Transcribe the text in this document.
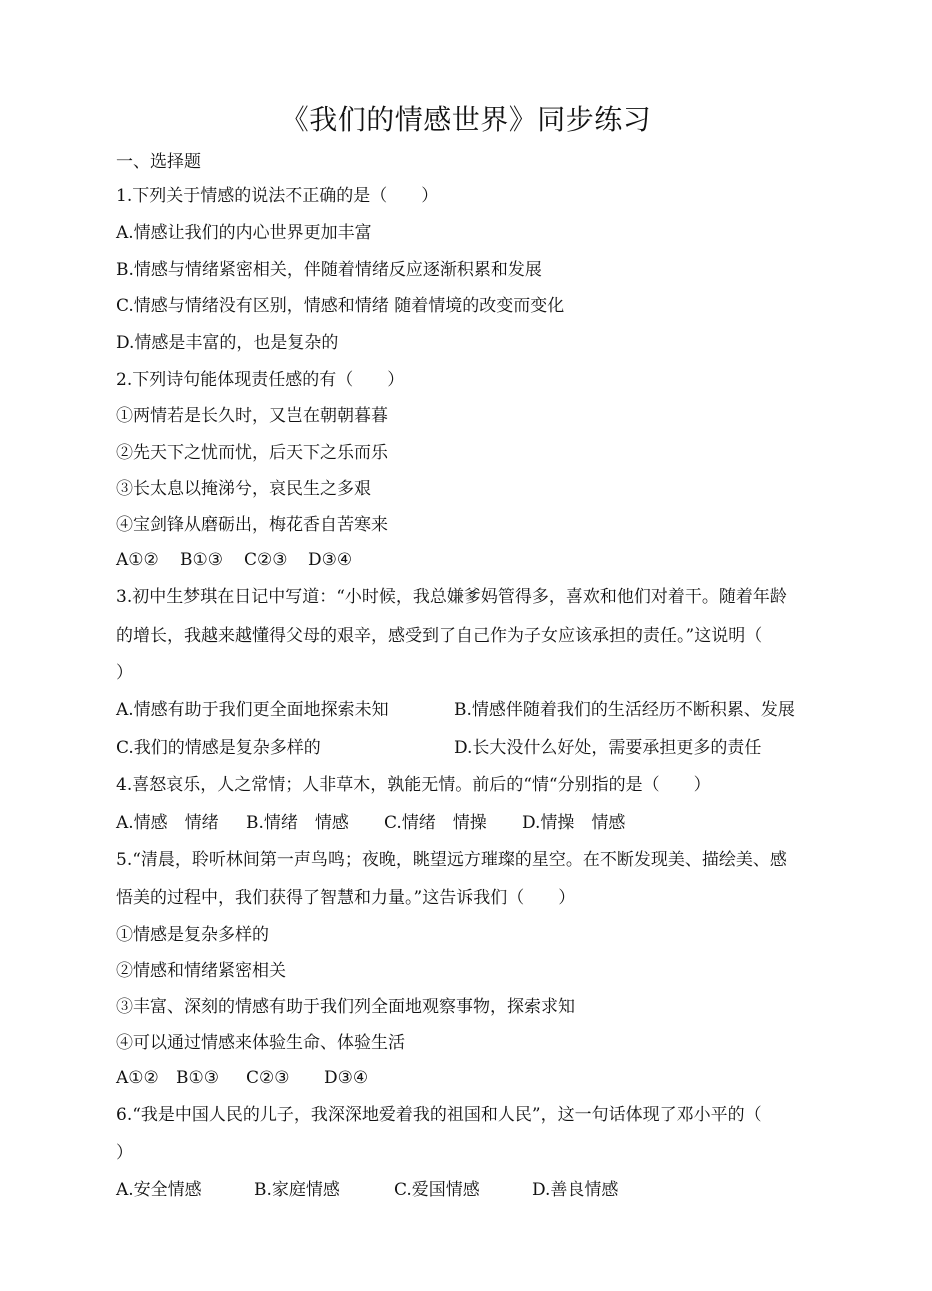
《我们的情感世界》同步练习
一、选择题
1.下列关于情感的说法不正确的是（　　）
A.情感让我们的内心世界更加丰富
B.情感与情绪紧密相关，伴随着情绪反应逐渐积累和发展
C.情感与情绪没有区别，情感和情绪 随着情境的改变而变化
D.情感是丰富的，也是复杂的
2.下列诗句能体现责任感的有（　　）
①两情若是长久时，又岂在朝朝暮暮
②先天下之忧而忧，后天下之乐而乐
③长太息以掩涕兮，哀民生之多艰
④宝剑锋从磨砺出，梅花香自苦寒来
A①②	B①③	C②③	D③④
3.初中生梦琪在日记中写道：“小时候，我总嫌爹妈管得多，喜欢和他们对着干。随着年龄
的增长，我越来越懂得父母的艰辛，感受到了自己作为子女应该承担的责任。”这说明（
）
A.情感有助于我们更全面地探索未知	B.情感伴随着我们的生活经历不断积累、发展
C.我们的情感是复杂多样的	D.长大没什么好处，需要承担更多的责任
4.喜怒哀乐，人之常情；人非草木，孰能无情。前后的“情“分别指的是（　　）
A.情感　情绪	B.情绪　情感	C.情绪　情操	D.情操　情感
5.“清晨，聆听林间第一声鸟鸣；夜晚，眺望远方璀璨的星空。在不断发现美、描绘美、感
悟美的过程中，我们获得了智慧和力量。”这告诉我们（　　）
①情感是复杂多样的
②情感和情绪紧密相关
③丰富、深刻的情感有助于我们列全面地观察事物，探索求知
④可以通过情感来体验生命、体验生活
A①②	B①③	C②③	D③④
6.“我是中国人民的儿子，我深深地爱着我的祖国和人民”，这一句话体现了邓小平的（
）
A.安全情感	B.家庭情感	C.爱国情感	D.善良情感
